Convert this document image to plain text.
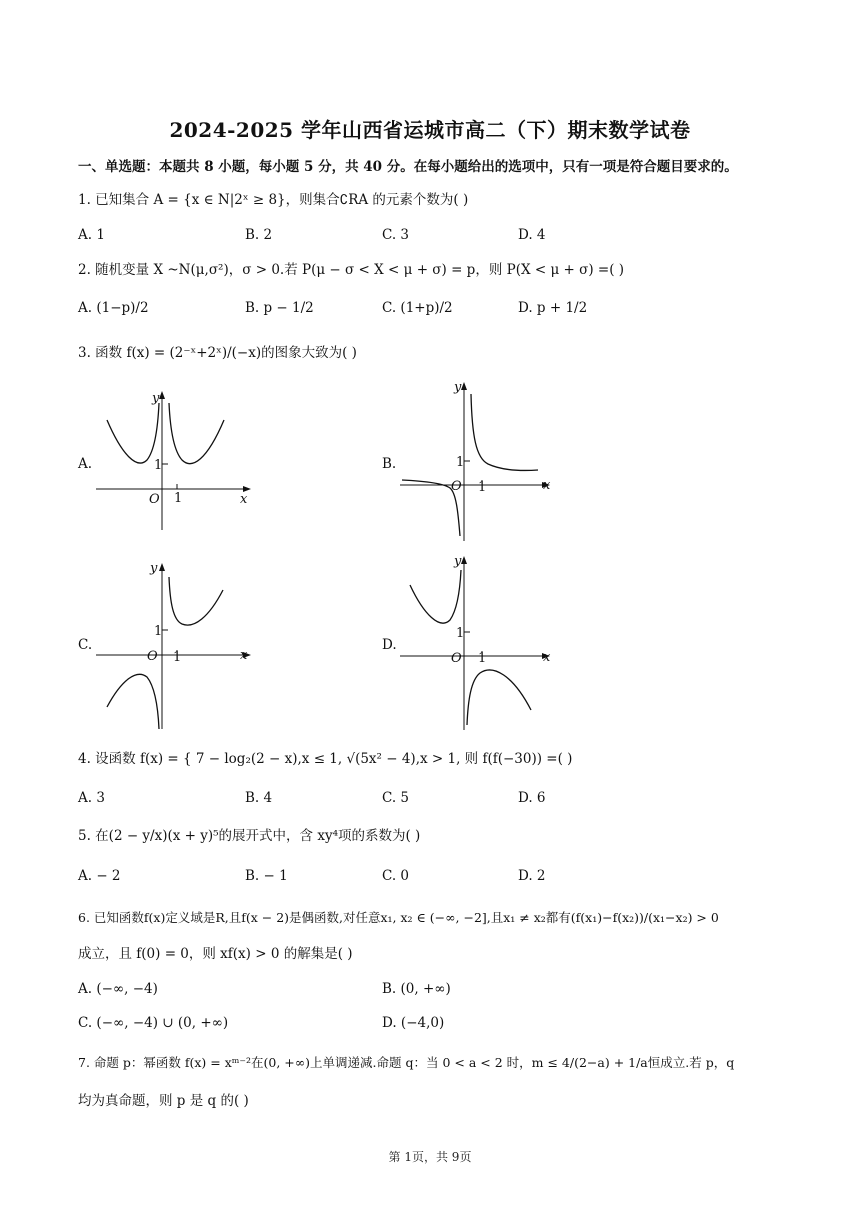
2024-2025 学年山西省运城市高二（下）期末数学试卷
一、单选题：本题共 8 小题，每小题 5 分，共 40 分。在每小题给出的选项中，只有一项是符合题目要求的。
1. 已知集合 A = {x ∈ N|2ˣ ≥ 8}，则集合∁RA 的元素个数为( )
A. 1	B. 2	C. 3	D. 4
2. 随机变量 X ~N(μ,σ²)，σ > 0.若 P(μ − σ < X < μ + σ) = p，则 P(X < μ + σ) =( )
A. (1−p)/2	B. p − 1/2	C. (1+p)/2	D. p + 1/2
3. 函数 f(x) = (2⁻ˣ+2ˣ)/(−x)的图象大致为( )
A.
y
x
O
1
1
B.
y
x
O
1
1
C.
y
x
O
1
1
D.
y
x
O
1
1
4. 设函数 f(x) = { 7 − log₂(2 − x),x ≤ 1, √(5x² − 4),x > 1, 则 f(f(−30)) =( )
A. 3	B. 4	C. 5	D. 6
5. 在(2 − y/x)(x + y)⁵的展开式中，含 xy⁴项的系数为( )
A. − 2	B. − 1	C. 0	D. 2
6. 已知函数f(x)定义域是R,且f(x − 2)是偶函数,对任意x₁, x₂ ∈ (−∞, −2],且x₁ ≠ x₂都有(f(x₁)−f(x₂))/(x₁−x₂) > 0
成立，且 f(0) = 0，则 xf(x) > 0 的解集是( )
A. (−∞, −4)	B. (0, +∞)
C. (−∞, −4) ∪ (0, +∞)	D. (−4,0)
7. 命题 p：幂函数 f(x) = xᵐ⁻²在(0, +∞)上单调递减.命题 q：当 0 < a < 2 时，m ≤ 4/(2−a) + 1/a恒成立.若 p，q
均为真命题，则 p 是 q 的( )
第 1页，共 9页
